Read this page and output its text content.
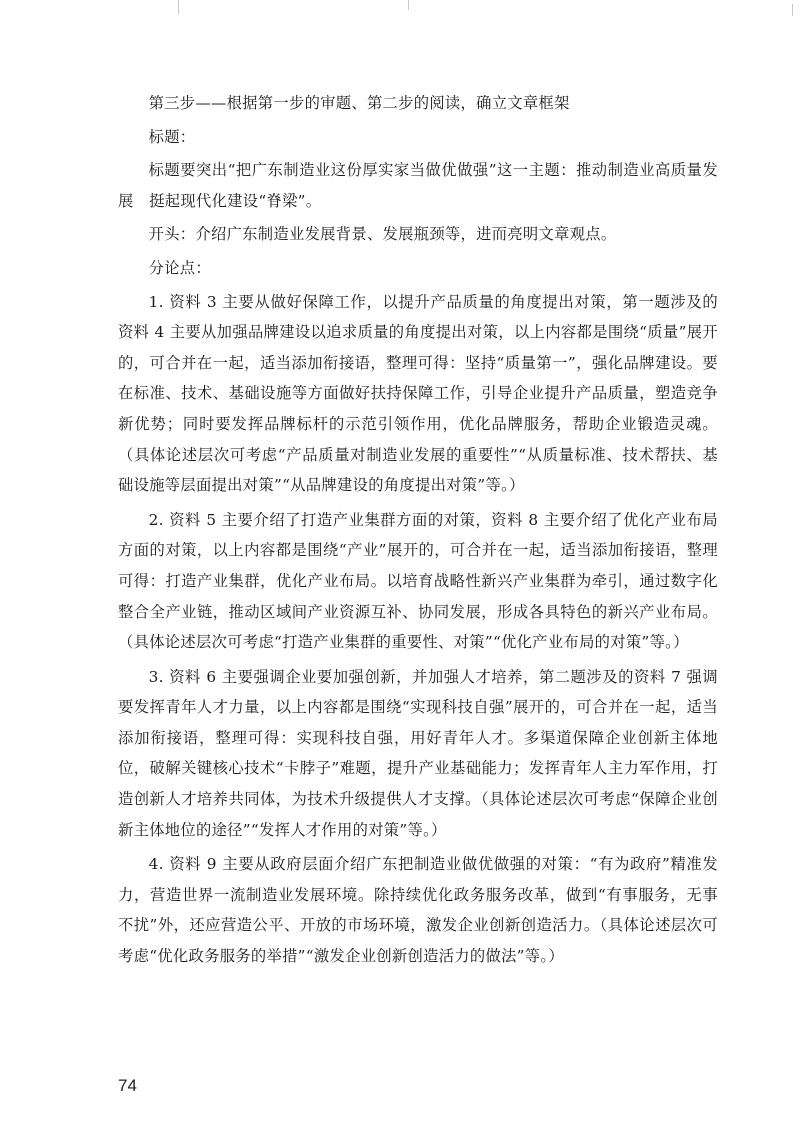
第三步——根据第一步的审题、第二步的阅读，确立文章框架

标题：

标题要突出“把广东制造业这份厚实家当做优做强”这一主题：推动制造业高质量发展　挺起现代化建设“脊梁”。

开头：介绍广东制造业发展背景、发展瓶颈等，进而亮明文章观点。

分论点：

1. 资料 3 主要从做好保障工作，以提升产品质量的角度提出对策，第一题涉及的资料 4 主要从加强品牌建设以追求质量的角度提出对策，以上内容都是围绕“质量”展开的，可合并在一起，适当添加衔接语，整理可得：坚持“质量第一”，强化品牌建设。要在标准、技术、基础设施等方面做好扶持保障工作，引导企业提升产品质量，塑造竞争新优势；同时要发挥品牌标杆的示范引领作用，优化品牌服务，帮助企业锻造灵魂。（具体论述层次可考虑“产品质量对制造业发展的重要性”“从质量标准、技术帮扶、基础设施等层面提出对策”“从品牌建设的角度提出对策”等。）

2. 资料 5 主要介绍了打造产业集群方面的对策，资料 8 主要介绍了优化产业布局方面的对策，以上内容都是围绕“产业”展开的，可合并在一起，适当添加衔接语，整理可得：打造产业集群，优化产业布局。以培育战略性新兴产业集群为牵引，通过数字化整合全产业链，推动区域间产业资源互补、协同发展，形成各具特色的新兴产业布局。（具体论述层次可考虑“打造产业集群的重要性、对策”“优化产业布局的对策”等。）

3. 资料 6 主要强调企业要加强创新，并加强人才培养，第二题涉及的资料 7 强调要发挥青年人才力量，以上内容都是围绕“实现科技自强”展开的，可合并在一起，适当添加衔接语，整理可得：实现科技自强，用好青年人才。多渠道保障企业创新主体地位，破解关键核心技术“卡脖子”难题，提升产业基础能力；发挥青年人主力军作用，打造创新人才培养共同体，为技术升级提供人才支撑。（具体论述层次可考虑“保障企业创新主体地位的途径”“发挥人才作用的对策”等。）

4. 资料 9 主要从政府层面介绍广东把制造业做优做强的对策：“有为政府”精准发力，营造世界一流制造业发展环境。除持续优化政务服务改革，做到“有事服务，无事不扰”外，还应营造公平、开放的市场环境，激发企业创新创造活力。（具体论述层次可考虑“优化政务服务的举措”“激发企业创新创造活力的做法”等。）

74
